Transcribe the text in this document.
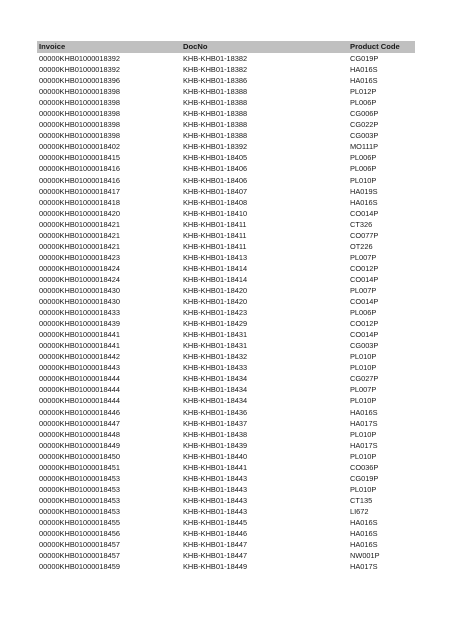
Invoice	DocNo	Product Code
00000KHB01000018392	KHB-KHB01-18382	CG019P
00000KHB01000018392	KHB-KHB01-18382	HA016S
00000KHB01000018396	KHB-KHB01-18386	HA016S
00000KHB01000018398	KHB-KHB01-18388	PL012P
00000KHB01000018398	KHB-KHB01-18388	PL006P
00000KHB01000018398	KHB-KHB01-18388	CG006P
00000KHB01000018398	KHB-KHB01-18388	CG022P
00000KHB01000018398	KHB-KHB01-18388	CG003P
00000KHB01000018402	KHB-KHB01-18392	MO111P
00000KHB01000018415	KHB-KHB01-18405	PL006P
00000KHB01000018416	KHB-KHB01-18406	PL006P
00000KHB01000018416	KHB-KHB01-18406	PL010P
00000KHB01000018417	KHB-KHB01-18407	HA019S
00000KHB01000018418	KHB-KHB01-18408	HA016S
00000KHB01000018420	KHB-KHB01-18410	CO014P
00000KHB01000018421	KHB-KHB01-18411	CT326
00000KHB01000018421	KHB-KHB01-18411	CO077P
00000KHB01000018421	KHB-KHB01-18411	OT226
00000KHB01000018423	KHB-KHB01-18413	PL007P
00000KHB01000018424	KHB-KHB01-18414	CO012P
00000KHB01000018424	KHB-KHB01-18414	CO014P
00000KHB01000018430	KHB-KHB01-18420	PL007P
00000KHB01000018430	KHB-KHB01-18420	CO014P
00000KHB01000018433	KHB-KHB01-18423	PL006P
00000KHB01000018439	KHB-KHB01-18429	CO012P
00000KHB01000018441	KHB-KHB01-18431	CO014P
00000KHB01000018441	KHB-KHB01-18431	CG003P
00000KHB01000018442	KHB-KHB01-18432	PL010P
00000KHB01000018443	KHB-KHB01-18433	PL010P
00000KHB01000018444	KHB-KHB01-18434	CG027P
00000KHB01000018444	KHB-KHB01-18434	PL007P
00000KHB01000018444	KHB-KHB01-18434	PL010P
00000KHB01000018446	KHB-KHB01-18436	HA016S
00000KHB01000018447	KHB-KHB01-18437	HA017S
00000KHB01000018448	KHB-KHB01-18438	PL010P
00000KHB01000018449	KHB-KHB01-18439	HA017S
00000KHB01000018450	KHB-KHB01-18440	PL010P
00000KHB01000018451	KHB-KHB01-18441	CO036P
00000KHB01000018453	KHB-KHB01-18443	CG019P
00000KHB01000018453	KHB-KHB01-18443	PL010P
00000KHB01000018453	KHB-KHB01-18443	CT135
00000KHB01000018453	KHB-KHB01-18443	LI672
00000KHB01000018455	KHB-KHB01-18445	HA016S
00000KHB01000018456	KHB-KHB01-18446	HA016S
00000KHB01000018457	KHB-KHB01-18447	HA016S
00000KHB01000018457	KHB-KHB01-18447	NW001P
00000KHB01000018459	KHB-KHB01-18449	HA017S
